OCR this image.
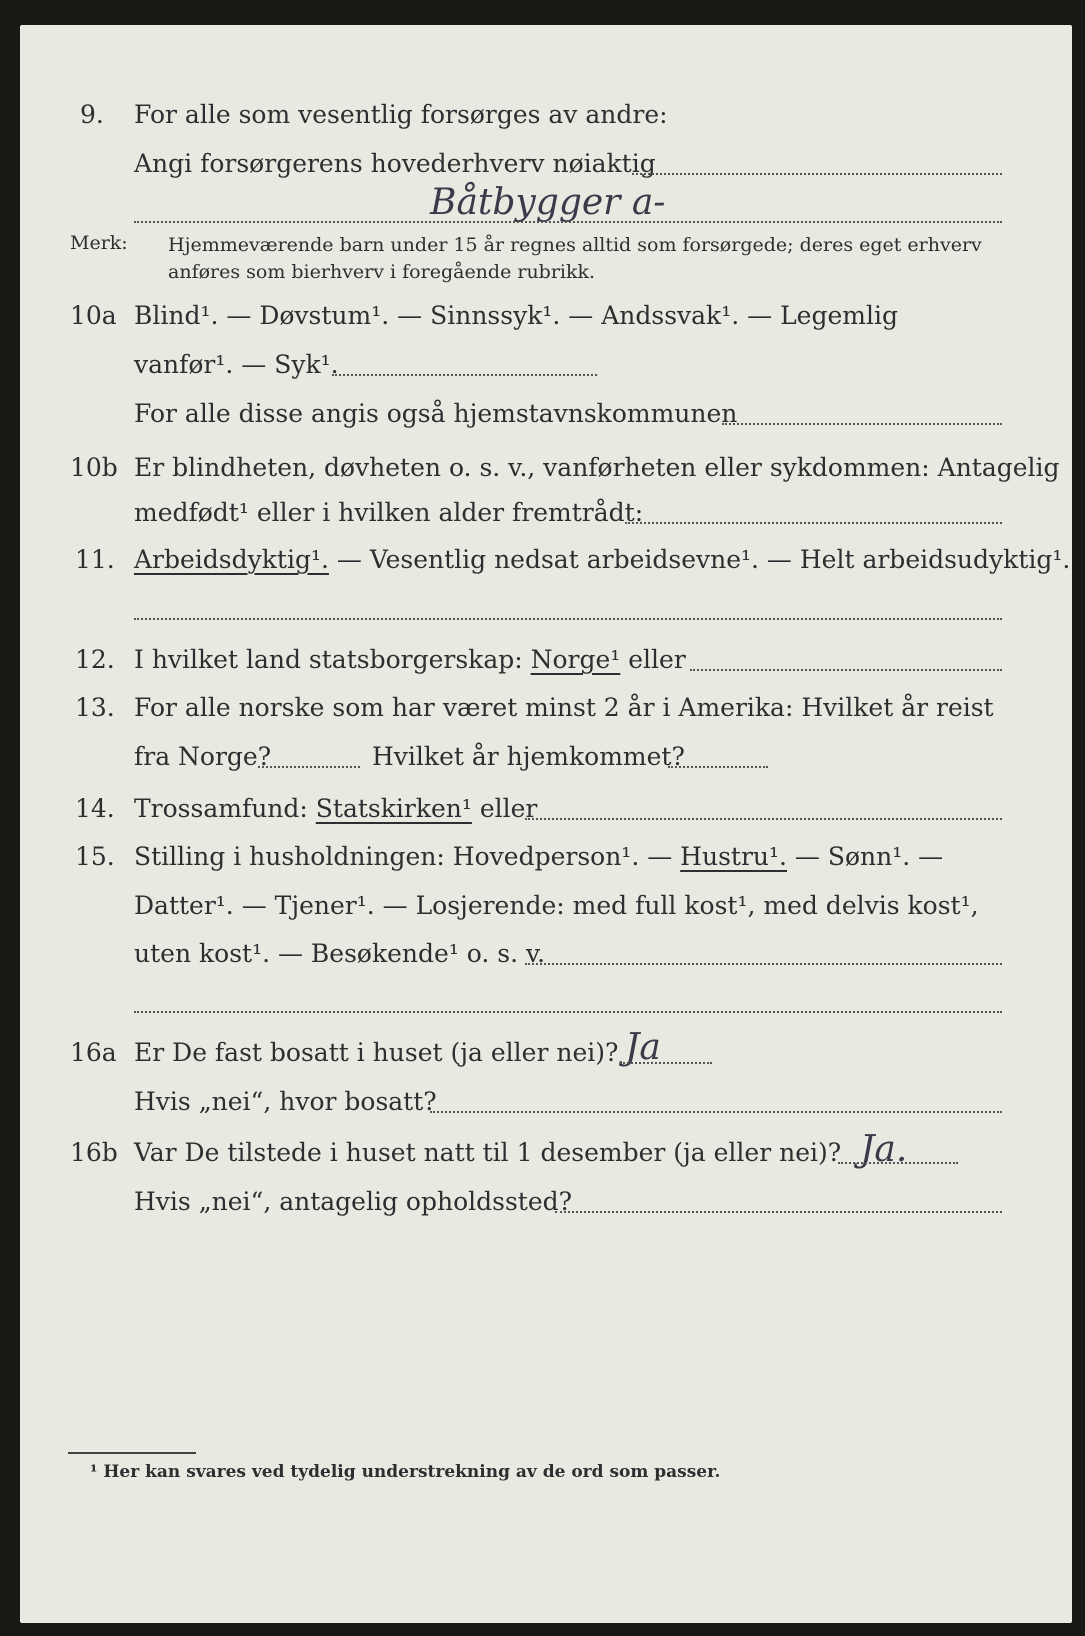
9. For alle som vesentlig forsørges av andre:
Angi forsørgerens hovederhverv nøiaktig
Båtbygger a-
Merk: Hjemmeværende barn under 15 år regnes alltid som forsørgede; deres eget erhverv
anføres som bierhverv i foregående rubrikk.
10a Blind¹. — Døvstum¹. — Sinnssyk¹. — Andssvak¹. — Legemlig
vanfør¹. — Syk¹.
For alle disse angis også hjemstavnskommunen
10b Er blindheten, døvheten o. s. v., vanførheten eller sykdommen: Antagelig
medfødt¹ eller i hvilken alder fremtrådt:
11. Arbeidsdyktig¹. — Vesentlig nedsat arbeidsevne¹. — Helt arbeidsudyktig¹.
12. I hvilket land statsborgerskap: Norge¹ eller
13. For alle norske som har været minst 2 år i Amerika: Hvilket år reist
fra Norge?	Hvilket år hjemkommet?
14. Trossamfund: Statskirken¹ eller
15. Stilling i husholdningen: Hovedperson¹. — Hustru¹. — Sønn¹. —
Datter¹. — Tjener¹. — Losjerende: med full kost¹, med delvis kost¹,
uten kost¹. — Besøkende¹ o. s. v.
16a Er De fast bosatt i huset (ja eller nei)? Ja
Hvis „nei“, hvor bosatt?
16b Var De tilstede i huset natt til 1 desember (ja eller nei)? Ja.
Hvis „nei“, antagelig opholdssted?
¹ Her kan svares ved tydelig understrekning av de ord som passer.
